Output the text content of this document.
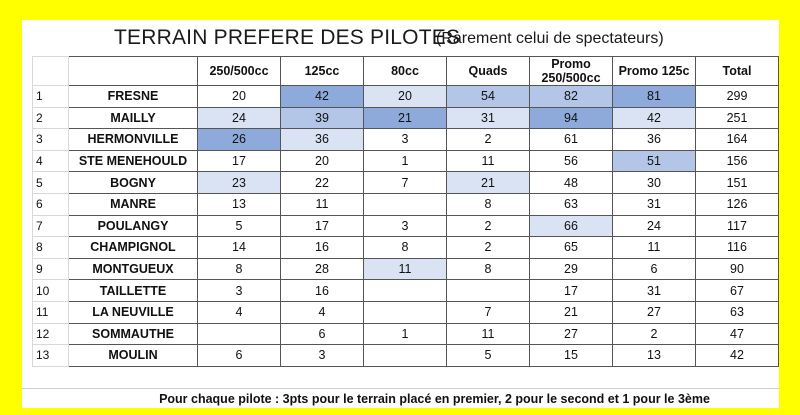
TERRAIN PREFERE DES PILOTES
(Rarement celui de spectateurs)
		250/500cc	125cc	80cc	Quads	Promo 250/500cc	Promo 125c	Total
1	FRESNE	20	42	20	54	82	81	299
2	MAILLY	24	39	21	31	94	42	251
3	HERMONVILLE	26	36	3	2	61	36	164
4	STE MENEHOULD	17	20	1	11	56	51	156
5	BOGNY	23	22	7	21	48	30	151
6	MANRE	13	11		8	63	31	126
7	POULANGY	5	17	3	2	66	24	117
8	CHAMPIGNOL	14	16	8	2	65	11	116
9	MONTGUEUX	8	28	11	8	29	6	90
10	TAILLETTE	3	16			17	31	67
11	LA NEUVILLE	4	4		7	21	27	63
12	SOMMAUTHE		6	1	11	27	2	47
13	MOULIN	6	3		5	15	13	42
Pour chaque pilote : 3pts pour le terrain placé en premier, 2 pour le second et 1 pour le 3ème
